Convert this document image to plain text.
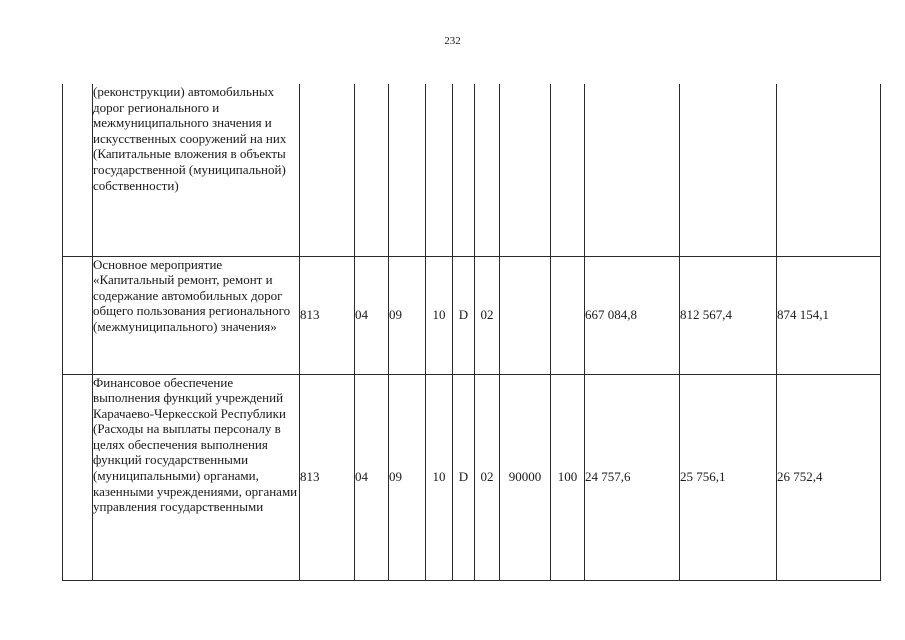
232
	(реконструкции) автомобильных дорог регионального и межмуниципального значения и искусственных сооружений на них (Капитальные вложения в объекты государственной (муниципальной) собственности)											
	Основное мероприятие «Капитальный ремонт, ремонт и содержание автомобильных дорог общего пользования регионального (межмуниципального) значения»	813	04	09	10	D	02			667 084,8	812 567,4	874 154,1
	Финансовое обеспечение выполнения функций учреждений Карачаево-Черкесской Республики (Расходы на выплаты персоналу в целях обеспечения выполнения функций государственными (муниципальными) органами, казенными учреждениями, органами управления государственными	813	04	09	10	D	02	90000	100	24 757,6	25 756,1	26 752,4
